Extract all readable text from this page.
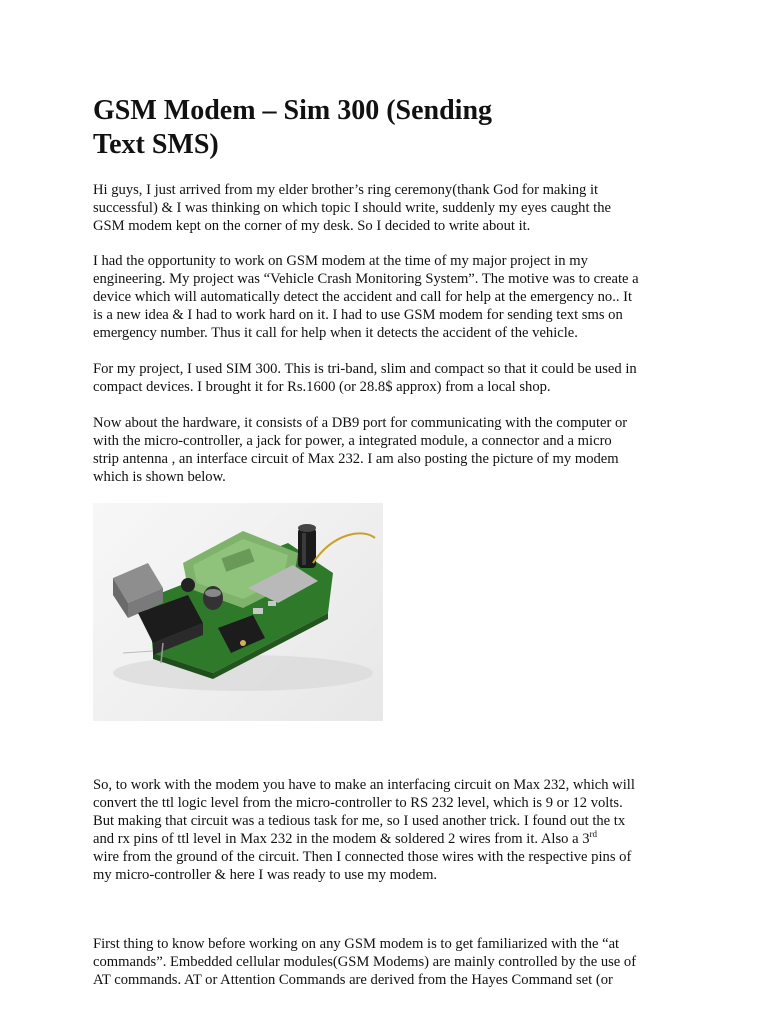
GSM Modem – Sim 300 (Sending
Text SMS)
Hi guys, I just arrived from my elder brother’s ring ceremony(thank God for making it
successful) & I was thinking on which topic I should write, suddenly my eyes caught the
GSM modem kept on the corner of my desk. So I decided to write about it.
I had the opportunity to work on GSM modem at the time of my major project in my
engineering. My project was “Vehicle Crash Monitoring System”. The motive was to create a
device which will automatically detect the accident and call for help at the emergency no.. It
is a new idea & I had to work hard on it. I had to use GSM modem for sending text sms on
emergency number. Thus it call for help when it detects the accident of the vehicle.
For my project, I used SIM 300. This is tri-band, slim and compact so that it could be used in
compact devices. I brought it for Rs.1600 (or 28.8$ approx) from a local shop.
Now about the hardware, it consists of a DB9 port for communicating with the computer or
with the micro-controller, a jack for power, a integrated module, a connector and a micro
strip antenna , an interface circuit of Max 232. I am also posting the picture of my modem
which is shown below.
So, to work with the modem you have to make an interfacing circuit on Max 232, which will
convert the ttl logic level from the micro-controller to RS 232 level, which is 9 or 12 volts.
But making that circuit was a tedious task for me, so I used another trick. I found out the tx
and rx pins of ttl level in Max 232 in the modem & soldered 2 wires from it. Also a 3rd
wire from the ground of the circuit. Then I connected those wires with the respective pins of
my micro-controller & here I was ready to use my modem.
First thing to know before working on any GSM modem is to get familiarized with the “at
commands”. Embedded cellular modules(GSM Modems) are mainly controlled by the use of
AT commands. AT or Attention Commands are derived from the Hayes Command set (or
